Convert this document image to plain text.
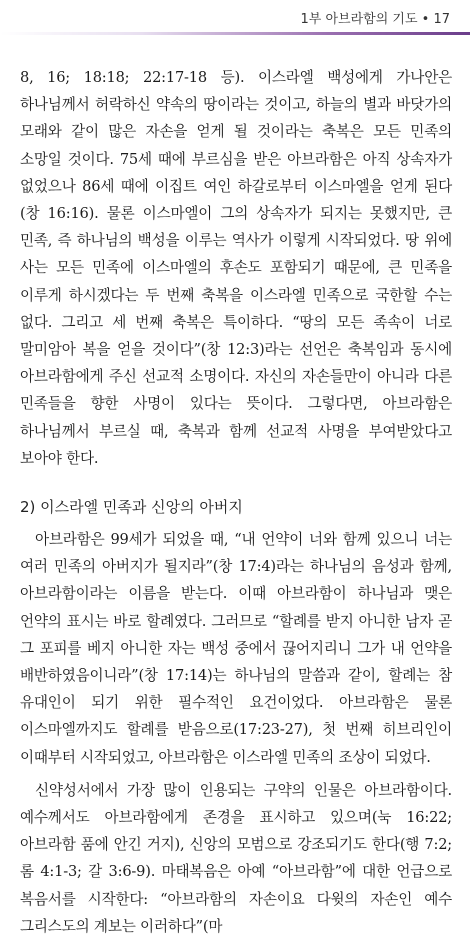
1부 아브라함의 기도 • 17

8, 16; 18:18; 22:17-18 등). 이스라엘 백성에게 가나안은 하나님께서 허락하신 약속의 땅이라는 것이고, 하늘의 별과 바닷가의 모래와 같이 많은 자손을 얻게 될 것이라는 축복은 모든 민족의 소망일 것이다. 75세 때에 부르심을 받은 아브라함은 아직 상속자가 없었으나 86세 때에 이집트 여인 하갈로부터 이스마엘을 얻게 된다(창 16:16). 물론 이스마엘이 그의 상속자가 되지는 못했지만, 큰 민족, 즉 하나님의 백성을 이루는 역사가 이렇게 시작되었다. 땅 위에 사는 모든 민족에 이스마엘의 후손도 포함되기 때문에, 큰 민족을 이루게 하시겠다는 두 번째 축복을 이스라엘 민족으로 국한할 수는 없다. 그리고 세 번째 축복은 특이하다. “땅의 모든 족속이 너로 말미암아 복을 얻을 것이다”(창 12:3)라는 선언은 축복임과 동시에 아브라함에게 주신 선교적 소명이다. 자신의 자손들만이 아니라 다른 민족들을 향한 사명이 있다는 뜻이다. 그렇다면, 아브라함은 하나님께서 부르실 때, 축복과 함께 선교적 사명을 부여받았다고 보아야 한다.

2) 이스라엘 민족과 신앙의 아버지

아브라함은 99세가 되었을 때, “내 언약이 너와 함께 있으니 너는 여러 민족의 아버지가 될지라”(창 17:4)라는 하나님의 음성과 함께, 아브라함이라는 이름을 받는다. 이때 아브라함이 하나님과 맺은 언약의 표시는 바로 할례였다. 그러므로 “할례를 받지 아니한 남자 곧 그 포피를 베지 아니한 자는 백성 중에서 끊어지리니 그가 내 언약을 배반하였음이니라”(창 17:14)는 하나님의 말씀과 같이, 할례는 참 유대인이 되기 위한 필수적인 요건이었다. 아브라함은 물론 이스마엘까지도 할례를 받음으로(17:23-27), 첫 번째 히브리인이 이때부터 시작되었고, 아브라함은 이스라엘 민족의 조상이 되었다.

신약성서에서 가장 많이 인용되는 구약의 인물은 아브라함이다. 예수께서도 아브라함에게 존경을 표시하고 있으며(눅 16:22; 아브라함 품에 안긴 거지), 신앙의 모범으로 강조되기도 한다(행 7:2; 롬 4:1-3; 갈 3:6-9). 마태복음은 아예 “아브라함”에 대한 언급으로 복음서를 시작한다: “아브라함의 자손이요 다윗의 자손인 예수 그리스도의 계보는 이러하다”(마
